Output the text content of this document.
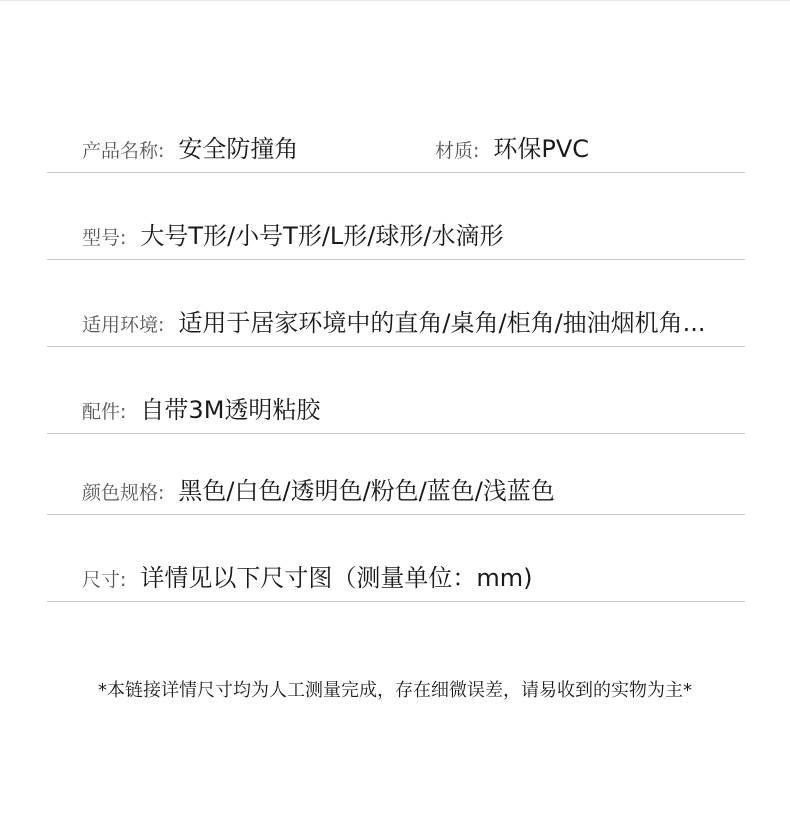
产品名称 : 安全防撞角	材质 : 环保PVC
型号 : 大号T形/小号T形/L形/球形/水滴形
适用环境 : 适用于居家环境中的直角/桌角/柜角/抽油烟机角...
配件 : 自带3M透明粘胶
颜色规格 : 黑色/白色/透明色/粉色/蓝色/浅蓝色
尺寸 : 详情见以下尺寸图（测量单位：mm)
*本链接详情尺寸均为人工测量完成，存在细微误差，请易收到的实物为主*
